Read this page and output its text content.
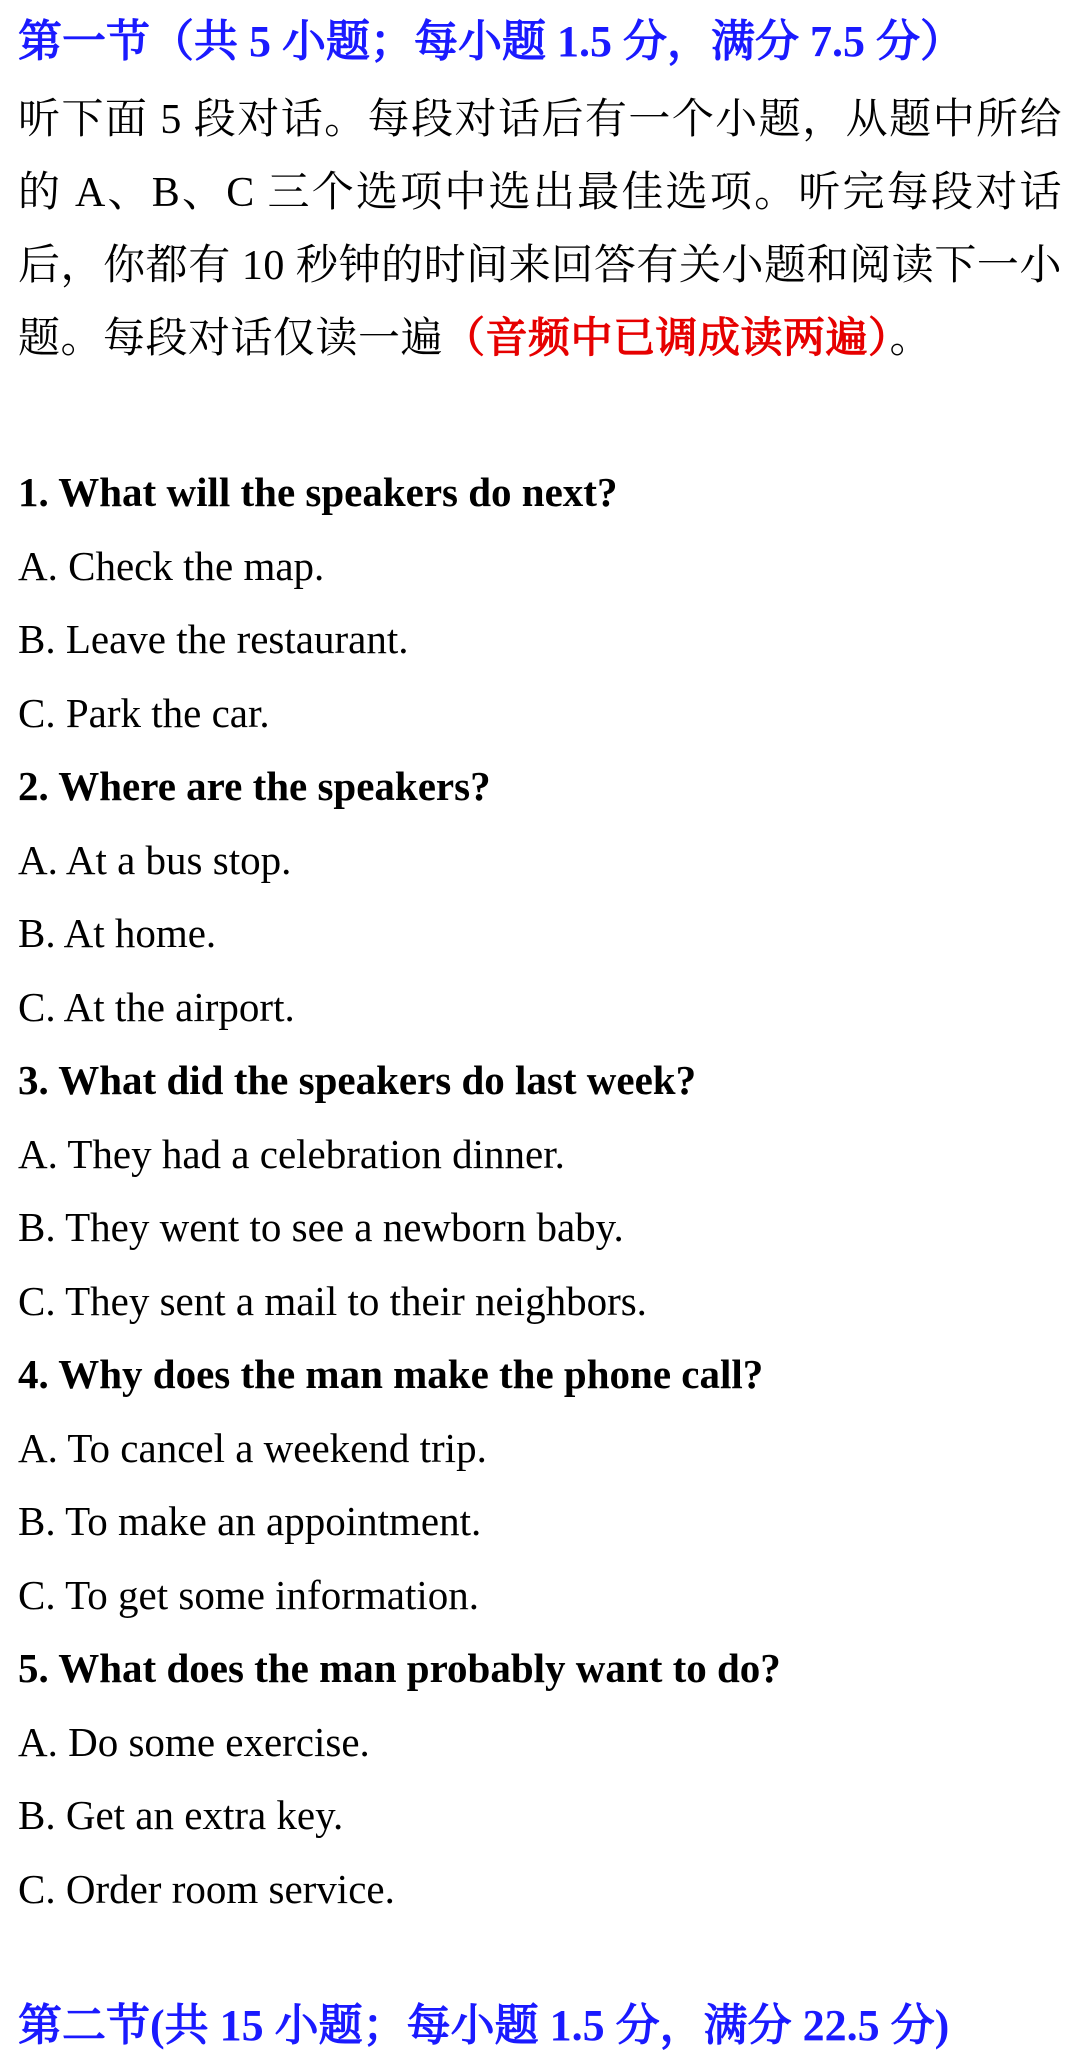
第一节（共 5 小题；每小题 1.5 分，满分 7.5 分）

听下面 5 段对话。每段对话后有一个小题，从题中所给的 A、B、C 三个选项中选出最佳选项。听完每段对话后，你都有 10 秒钟的时间来回答有关小题和阅读下一小题。每段对话仅读一遍（音频中已调成读两遍）。

1. What will the speakers do next?
A. Check the map.
B. Leave the restaurant.
C. Park the car.
2. Where are the speakers?
A. At a bus stop.
B. At home.
C. At the airport.
3. What did the speakers do last week?
A. They had a celebration dinner.
B. They went to see a newborn baby.
C. They sent a mail to their neighbors.
4. Why does the man make the phone call?
A. To cancel a weekend trip.
B. To make an appointment.
C. To get some information.
5. What does the man probably want to do?
A. Do some exercise.
B. Get an extra key.
C. Order room service.
第二节(共 15 小题；每小题 1.5 分，满分 22.5 分)
